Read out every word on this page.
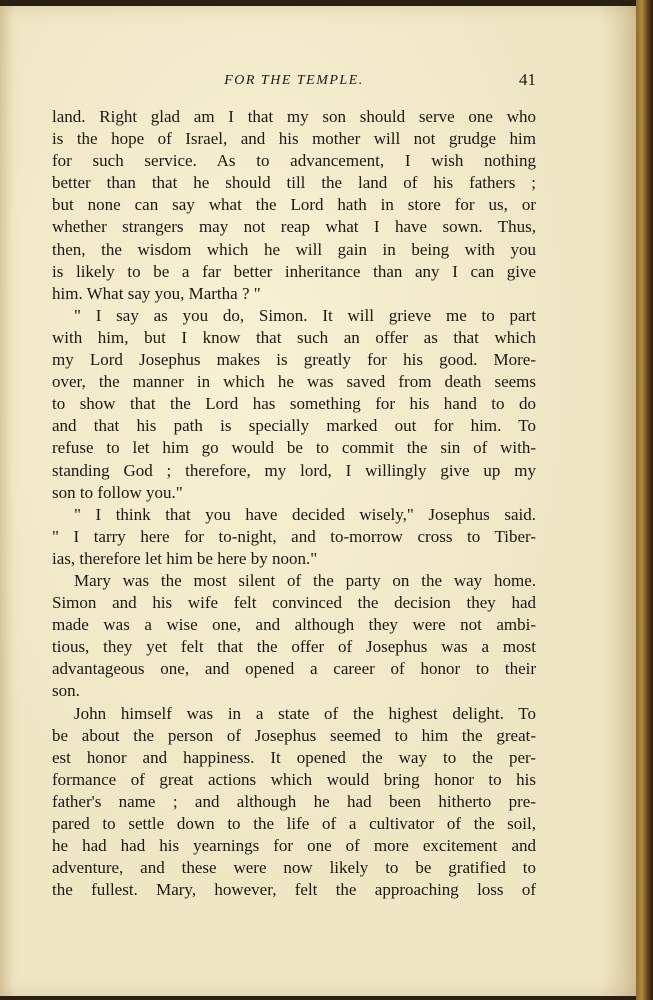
FOR THE TEMPLE.	41
land. Right glad am I that my son should serve one who
is the hope of Israel, and his mother will not grudge him
for such service. As to advancement, I wish nothing
better than that he should till the land of his fathers ;
but none can say what the Lord hath in store for us, or
whether strangers may not reap what I have sown. Thus,
then, the wisdom which he will gain in being with you
is likely to be a far better inheritance than any I can give
him. What say you, Martha ? "
" I say as you do, Simon. It will grieve me to part
with him, but I know that such an offer as that which
my Lord Josephus makes is greatly for his good. More-
over, the manner in which he was saved from death seems
to show that the Lord has something for his hand to do
and that his path is specially marked out for him. To
refuse to let him go would be to commit the sin of with-
standing God ; therefore, my lord, I willingly give up my
son to follow you."
" I think that you have decided wisely," Josephus said.
" I tarry here for to-night, and to-morrow cross to Tiber-
ias, therefore let him be here by noon."
Mary was the most silent of the party on the way home.
Simon and his wife felt convinced the decision they had
made was a wise one, and although they were not ambi-
tious, they yet felt that the offer of Josephus was a most
advantageous one, and opened a career of honor to their
son.
John himself was in a state of the highest delight. To
be about the person of Josephus seemed to him the great-
est honor and happiness. It opened the way to the per-
formance of great actions which would bring honor to his
father's name ; and although he had been hitherto pre-
pared to settle down to the life of a cultivator of the soil,
he had had his yearnings for one of more excitement and
adventure, and these were now likely to be gratified to
the fullest. Mary, however, felt the approaching loss of
